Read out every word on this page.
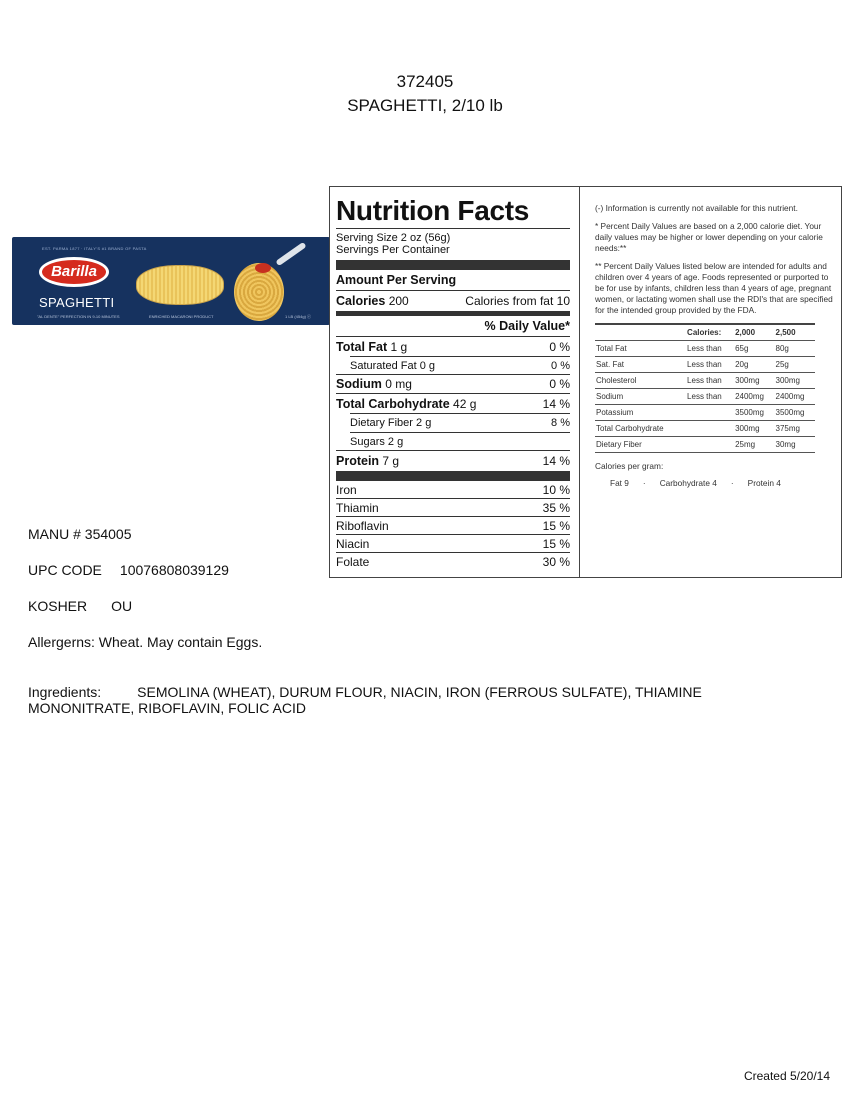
372405
SPAGHETTI, 2/10 lb
EST. PARMA 1877 · ITALY'S #1 BRAND OF PASTA
Barilla
SPAGHETTI
"AL DENTE" PERFECTION IN 9-10 MINUTES	ENRICHED MACARONI PRODUCT	1 LB (454g) ⓔ
Nutrition Facts
Serving Size 2 oz (56g)
Servings Per Container
Amount Per Serving
Calories 200	Calories from fat 10
% Daily Value*
Total Fat 1 g	0 %
Saturated Fat 0 g	0 %
Sodium 0 mg	0 %
Total Carbohydrate 42 g	14 %
Dietary Fiber 2 g	8 %
Sugars 2 g
Protein 7 g	14 %
Iron	10 %
Thiamin	35 %
Riboflavin	15 %
Niacin	15 %
Folate	30 %

(-) Information is currently not available for this nutrient.

* Percent Daily Values are based on a 2,000 calorie diet. Your daily values may be higher or lower depending on your calorie needs:**

** Percent Daily Values listed below are intended for adults and children over 4 years of age. Foods represented or purported to be for use by infants, children less than 4 years of age, pregnant women, or lactating women shall use the RDI's that are specified for the intended group provided by the FDA.

	Calories:	2,000	2,500
Total Fat	Less than	65g	80g
Sat. Fat	Less than	20g	25g
Cholesterol	Less than	300mg	300mg
Sodium	Less than	2400mg	2400mg
Potassium		3500mg	3500mg
Total Carbohydrate		300mg	375mg
Dietary Fiber		25mg	30mg
Calories per gram:
Fat 9 · Carbohydrate 4 · Protein 4
MANU # 354005
UPC CODE 10076808039129
KOSHER OU
Allergerns: Wheat. May contain Eggs.
Ingredients:	SEMOLINA (WHEAT), DURUM FLOUR, NIACIN, IRON (FERROUS SULFATE), THIAMINE
MONONITRATE, RIBOFLAVIN, FOLIC ACID
Created 5/20/14
